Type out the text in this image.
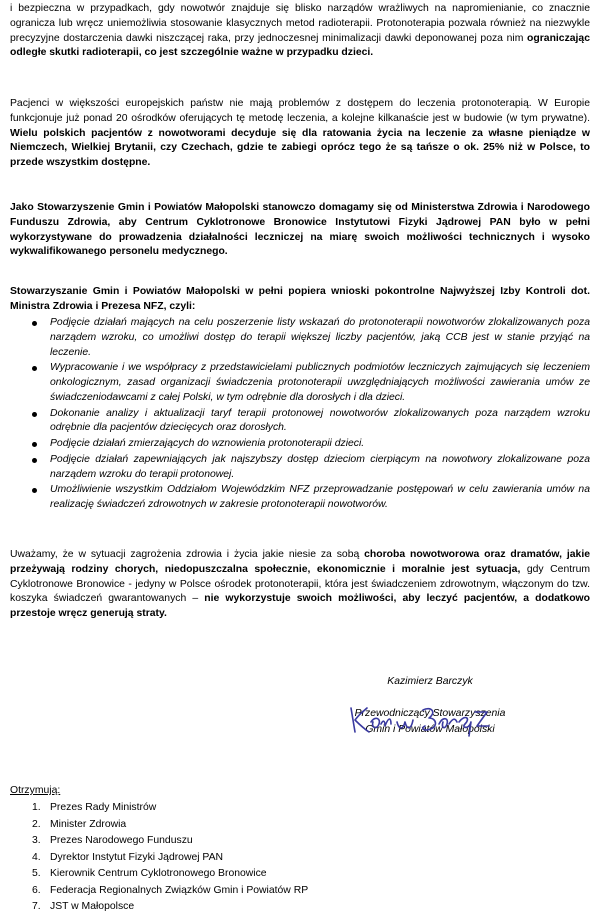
i bezpieczna w przypadkach, gdy nowotwór znajduje się blisko narządów wrażliwych na napromienianie, co znacznie ogranicza lub wręcz uniemożliwia stosowanie klasycznych metod radioterapii. Protonoterapia pozwala również na niezwykle precyzyjne dostarczenia dawki niszczącej raka, przy jednoczesnej minimalizacji dawki deponowanej poza nim ograniczając odległe skutki radioterapii, co jest szczególnie ważne w przypadku dzieci.

Pacjenci w większości europejskich państw nie mają problemów z dostępem do leczenia protonoterapią. W Europie funkcjonuje już ponad 20 ośrodków oferujących tę metodę leczenia, a kolejne kilkanaście jest w budowie (w tym prywatne). Wielu polskich pacjentów z nowotworami decyduje się dla ratowania życia na leczenie za własne pieniądze w Niemczech, Wielkiej Brytanii, czy Czechach, gdzie te zabiegi oprócz tego że są tańsze o ok. 25% niż w Polsce, to przede wszystkim dostępne.

Jako Stowarzyszenie Gmin i Powiatów Małopolski stanowczo domagamy się od Ministerstwa Zdrowia i Narodowego Funduszu Zdrowia, aby Centrum Cyklotronowe Bronowice Instytutowi Fizyki Jądrowej PAN było w pełni wykorzystywane do prowadzenia działalności leczniczej na miarę swoich możliwości technicznych i wysoko wykwalifikowanego personelu medycznego.

Stowarzyszanie Gmin i Powiatów Małopolski w pełni popiera wnioski pokontrolne Najwyższej Izby Kontroli dot. Ministra Zdrowia i Prezesa NFZ, czyli:

Podjęcie działań mających na celu poszerzenie listy wskazań do protonoterapii nowotworów zlokalizowanych poza narządem wzroku, co umożliwi dostęp do terapii większej liczby pacjentów, jaką CCB jest w stanie przyjąć na leczenie.
Wypracowanie i we współpracy z przedstawicielami publicznych podmiotów leczniczych zajmujących się leczeniem onkologicznym, zasad organizacji świadczenia protonoterapii uwzględniających możliwości zawierania umów ze świadczeniodawcami z całej Polski, w tym odrębnie dla dorosłych i dla dzieci.
Dokonanie analizy i aktualizacji taryf terapii protonowej nowotworów zlokalizowanych poza narządem wzroku odrębnie dla pacjentów dziecięcych oraz dorosłych.
Podjęcie działań zmierzających do wznowienia protonoterapii dzieci.
Podjęcie działań zapewniających jak najszybszy dostęp dzieciom cierpiącym na nowotwory zlokalizowane poza narządem wzroku do terapii protonowej.
Umożliwienie wszystkim Oddziałom Wojewódzkim NFZ przeprowadzanie postępowań w celu zawierania umów na realizację świadczeń zdrowotnych w zakresie protonoterapii nowotworów.

Uważamy, że w sytuacji zagrożenia zdrowia i życia jakie niesie za sobą choroba nowotworowa oraz dramatów, jakie przeżywają rodziny chorych, niedopuszczalna społecznie, ekonomicznie i moralnie jest sytuacja, gdy Centrum Cyklotronowe Bronowice - jedyny w Polsce ośrodek protonoterapii, która jest świadczeniem zdrowotnym, włączonym do tzw. koszyka świadczeń gwarantowanych – nie wykorzystuje swoich możliwości, aby leczyć pacjentów, a dodatkowo przestoje wręcz generują straty.

Kazimierz Barczyk
Przewodniczący Stowarzyszenia
Gmin i Powiatów Małopolski
Otrzymują:
1. Prezes Rady Ministrów
2. Minister Zdrowia
3. Prezes Narodowego Funduszu
4. Dyrektor Instytut Fizyki Jądrowej PAN
5. Kierownik Centrum Cyklotronowego Bronowice
6. Federacja Regionalnych Związków Gmin i Powiatów RP
7. JST w Małopolsce
